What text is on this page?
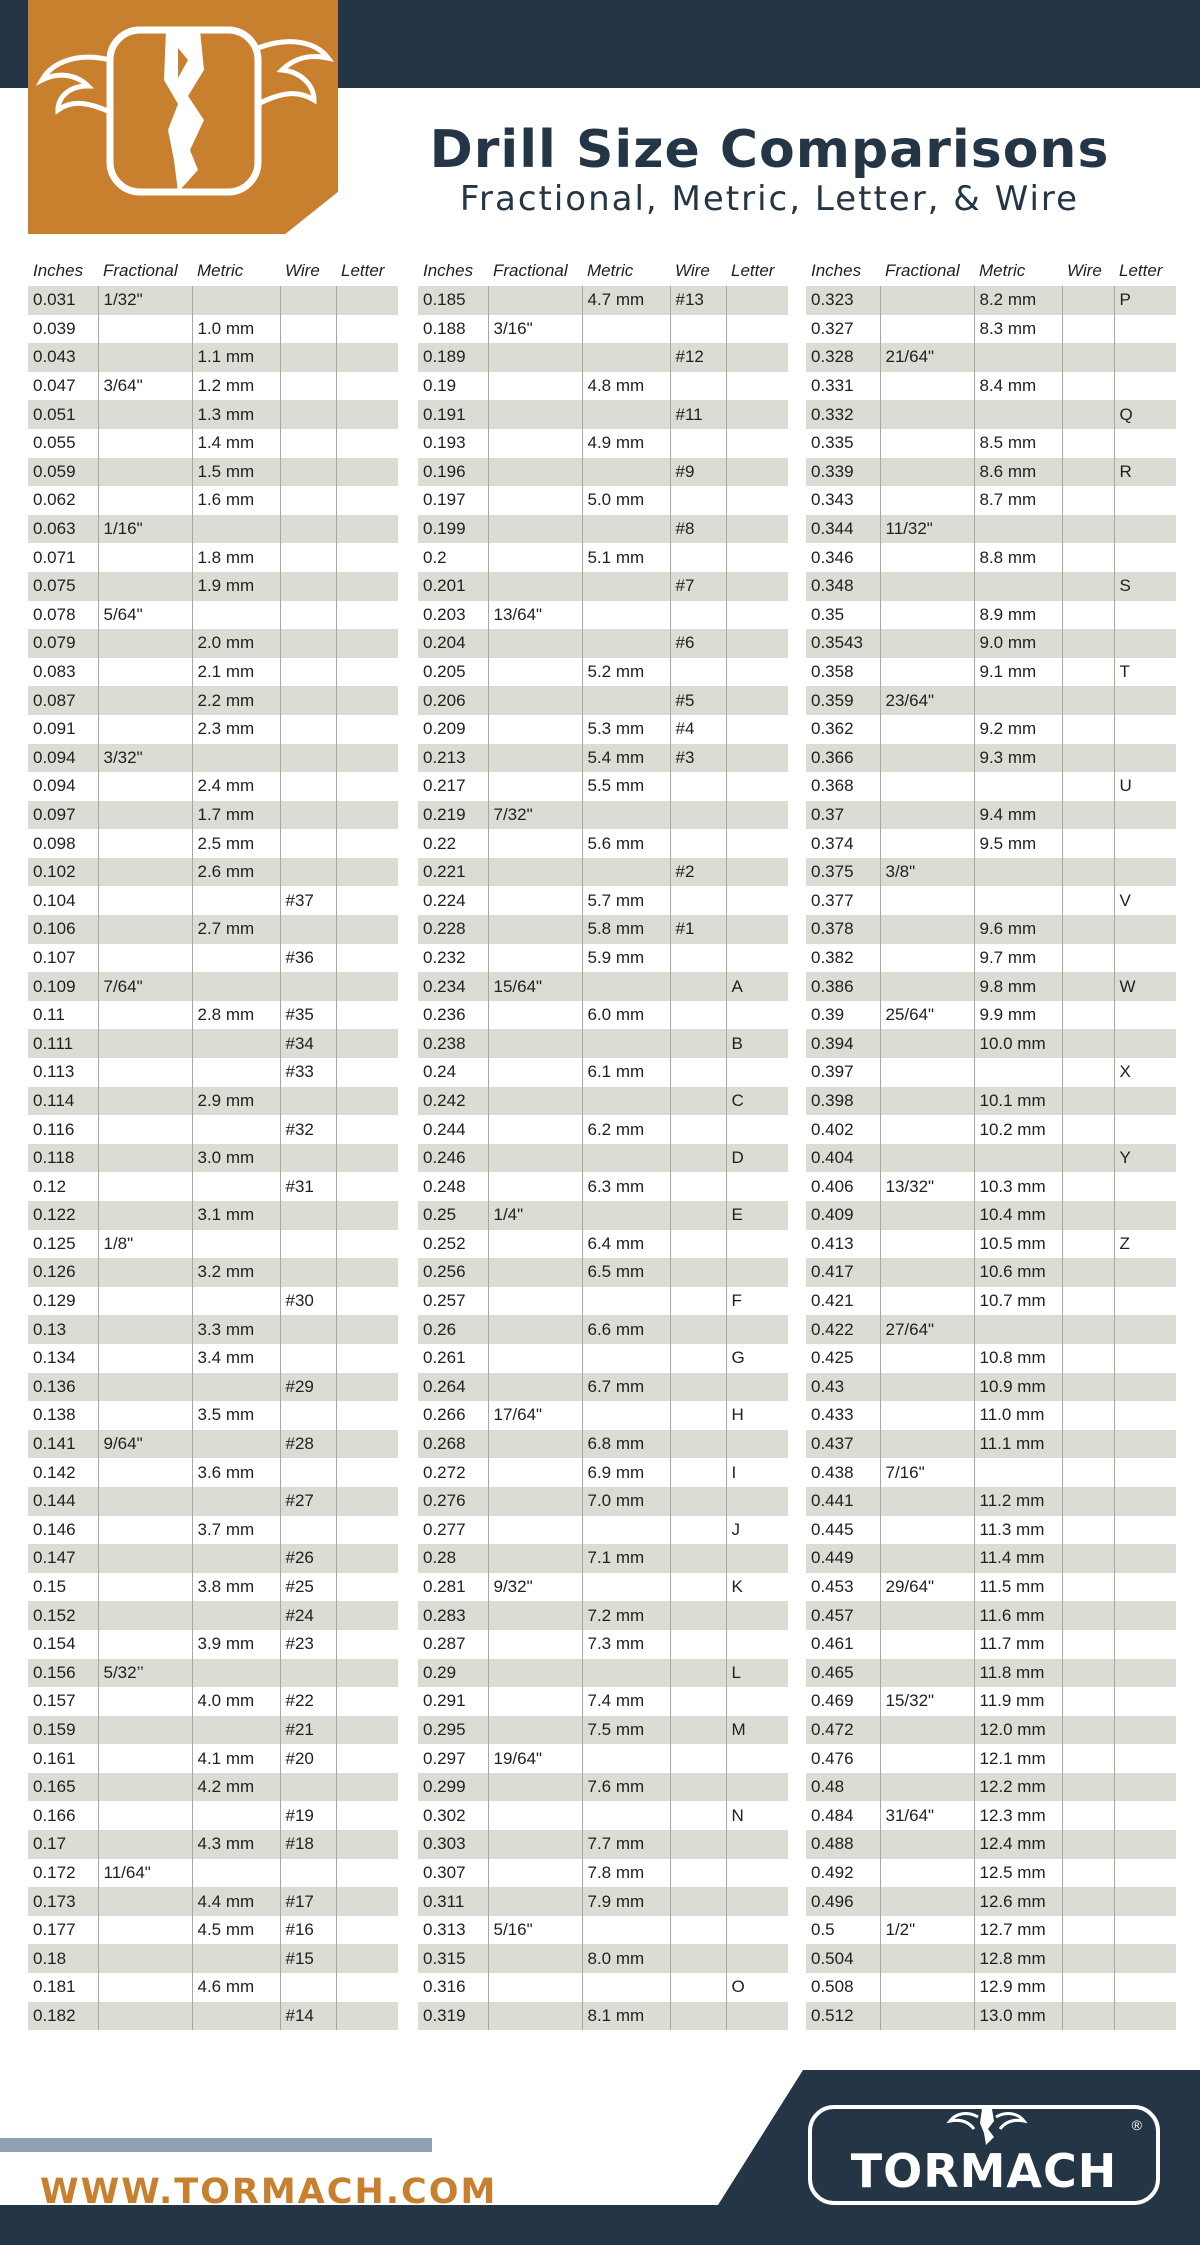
Drill Size Comparisons
Fractional, Metric, Letter, & Wire
Inches	Fractional	Metric	Wire	Letter
0.031	1/32"			
0.039		1.0 mm		
0.043		1.1 mm		
0.047	3/64"	1.2 mm		
0.051		1.3 mm		
0.055		1.4 mm		
0.059		1.5 mm		
0.062		1.6 mm		
0.063	1/16"			
0.071		1.8 mm		
0.075		1.9 mm		
0.078	5/64"			
0.079		2.0 mm		
0.083		2.1 mm		
0.087		2.2 mm		
0.091		2.3 mm		
0.094	3/32"			
0.094		2.4 mm		
0.097		1.7 mm		
0.098		2.5 mm		
0.102		2.6 mm		
0.104			#37	
0.106		2.7 mm		
0.107			#36	
0.109	7/64"			
0.11		2.8 mm	#35	
0.111			#34	
0.113			#33	
0.114		2.9 mm		
0.116			#32	
0.118		3.0 mm		
0.12			#31	
0.122		3.1 mm		
0.125	1/8"			
0.126		3.2 mm		
0.129			#30	
0.13		3.3 mm		
0.134		3.4 mm		
0.136			#29	
0.138		3.5 mm		
0.141	9/64"		#28	
0.142		3.6 mm		
0.144			#27	
0.146		3.7 mm		
0.147			#26	
0.15		3.8 mm	#25	
0.152			#24	
0.154		3.9 mm	#23	
0.156	5/32’’			
0.157		4.0 mm	#22	
0.159			#21	
0.161		4.1 mm	#20	
0.165		4.2 mm		
0.166			#19	
0.17		4.3 mm	#18	
0.172	11/64"			
0.173		4.4 mm	#17	
0.177		4.5 mm	#16	
0.18			#15	
0.181		4.6 mm		
0.182			#14	
Inches	Fractional	Metric	Wire	Letter
0.185		4.7 mm	#13	
0.188	3/16"			
0.189			#12	
0.19		4.8 mm		
0.191			#11	
0.193		4.9 mm		
0.196			#9	
0.197		5.0 mm		
0.199			#8	
0.2		5.1 mm		
0.201			#7	
0.203	13/64"			
0.204			#6	
0.205		5.2 mm		
0.206			#5	
0.209		5.3 mm	#4	
0.213		5.4 mm	#3	
0.217		5.5 mm		
0.219	7/32"			
0.22		5.6 mm		
0.221			#2	
0.224		5.7 mm		
0.228		5.8 mm	#1	
0.232		5.9 mm		
0.234	15/64"			A
0.236		6.0 mm		
0.238				B
0.24		6.1 mm		
0.242				C
0.244		6.2 mm		
0.246				D
0.248		6.3 mm		
0.25	1/4"			E
0.252		6.4 mm		
0.256		6.5 mm		
0.257				F
0.26		6.6 mm		
0.261				G
0.264		6.7 mm		
0.266	17/64"			H
0.268		6.8 mm		
0.272		6.9 mm		I
0.276		7.0 mm		
0.277				J
0.28		7.1 mm		
0.281	9/32"			K
0.283		7.2 mm		
0.287		7.3 mm		
0.29				L
0.291		7.4 mm		
0.295		7.5 mm		M
0.297	19/64"			
0.299		7.6 mm		
0.302				N
0.303		7.7 mm		
0.307		7.8 mm		
0.311		7.9 mm		
0.313	5/16"			
0.315		8.0 mm		
0.316				O
0.319		8.1 mm		
Inches	Fractional	Metric	Wire	Letter
0.323		8.2 mm		P
0.327		8.3 mm		
0.328	21/64"			
0.331		8.4 mm		
0.332				Q
0.335		8.5 mm		
0.339		8.6 mm		R
0.343		8.7 mm		
0.344	11/32"			
0.346		8.8 mm		
0.348				S
0.35		8.9 mm		
0.3543		9.0 mm		
0.358		9.1 mm		T
0.359	23/64"			
0.362		9.2 mm		
0.366		9.3 mm		
0.368				U
0.37		9.4 mm		
0.374		9.5 mm		
0.375	3/8"			
0.377				V
0.378		9.6 mm		
0.382		9.7 mm		
0.386		9.8 mm		W
0.39	25/64"	9.9 mm		
0.394		10.0 mm		
0.397				X
0.398		10.1 mm		
0.402		10.2 mm		
0.404				Y
0.406	13/32"	10.3 mm		
0.409		10.4 mm		
0.413		10.5 mm		Z
0.417		10.6 mm		
0.421		10.7 mm		
0.422	27/64"			
0.425		10.8 mm		
0.43		10.9 mm		
0.433		11.0 mm		
0.437		11.1 mm		
0.438	7/16"			
0.441		11.2 mm		
0.445		11.3 mm		
0.449		11.4 mm		
0.453	29/64"	11.5 mm		
0.457		11.6 mm		
0.461		11.7 mm		
0.465		11.8 mm		
0.469	15/32"	11.9 mm		
0.472		12.0 mm		
0.476		12.1 mm		
0.48		12.2 mm		
0.484	31/64"	12.3 mm		
0.488		12.4 mm		
0.492		12.5 mm		
0.496		12.6 mm		
0.5	1/2"	12.7 mm		
0.504		12.8 mm		
0.508		12.9 mm		
0.512		13.0 mm		
WWW.TORMACH.COM	TORMACH
®
